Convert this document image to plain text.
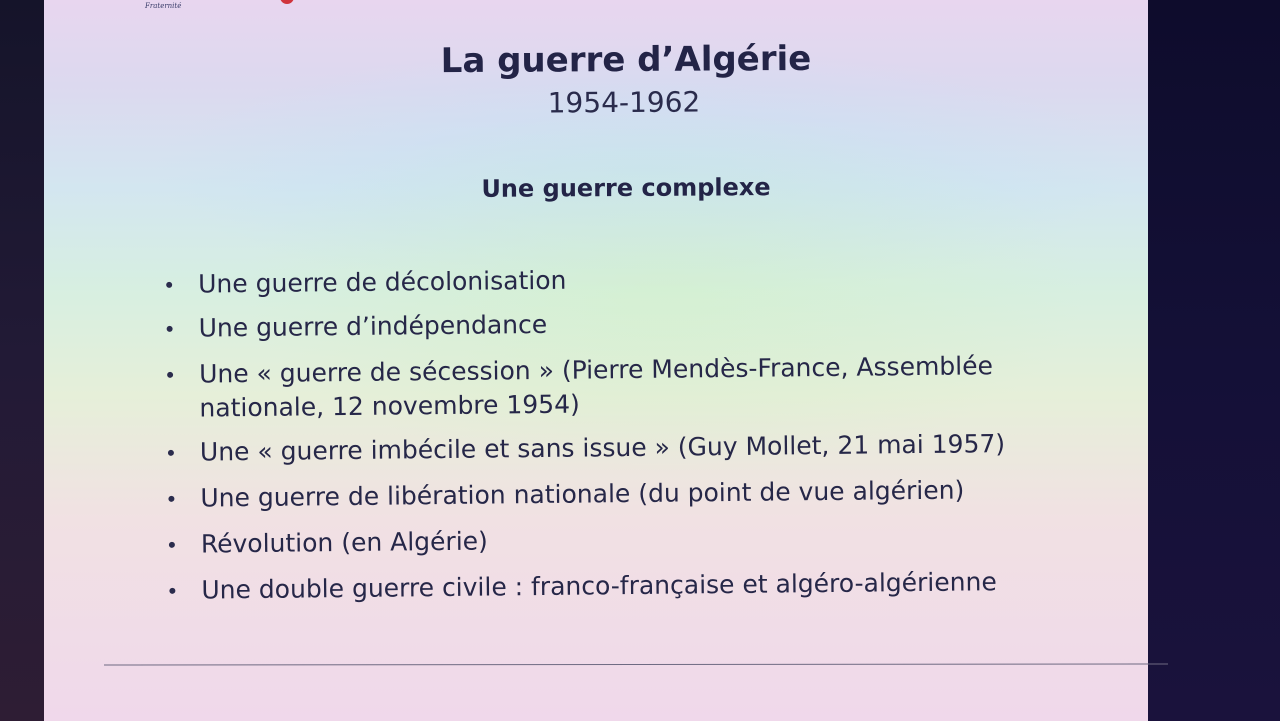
Fraternité
La guerre d’Algérie
1954-1962
Une guerre complexe
Une guerre de décolonisation
Une guerre d’indépendance
Une « guerre de sécession » (Pierre Mendès-France, Assemblée nationale, 12 novembre 1954)
Une « guerre imbécile et sans issue » (Guy Mollet, 21 mai 1957)
Une guerre de libération nationale (du point de vue algérien)
Révolution (en Algérie)
Une double guerre civile : franco-française et algéro-algérienne
